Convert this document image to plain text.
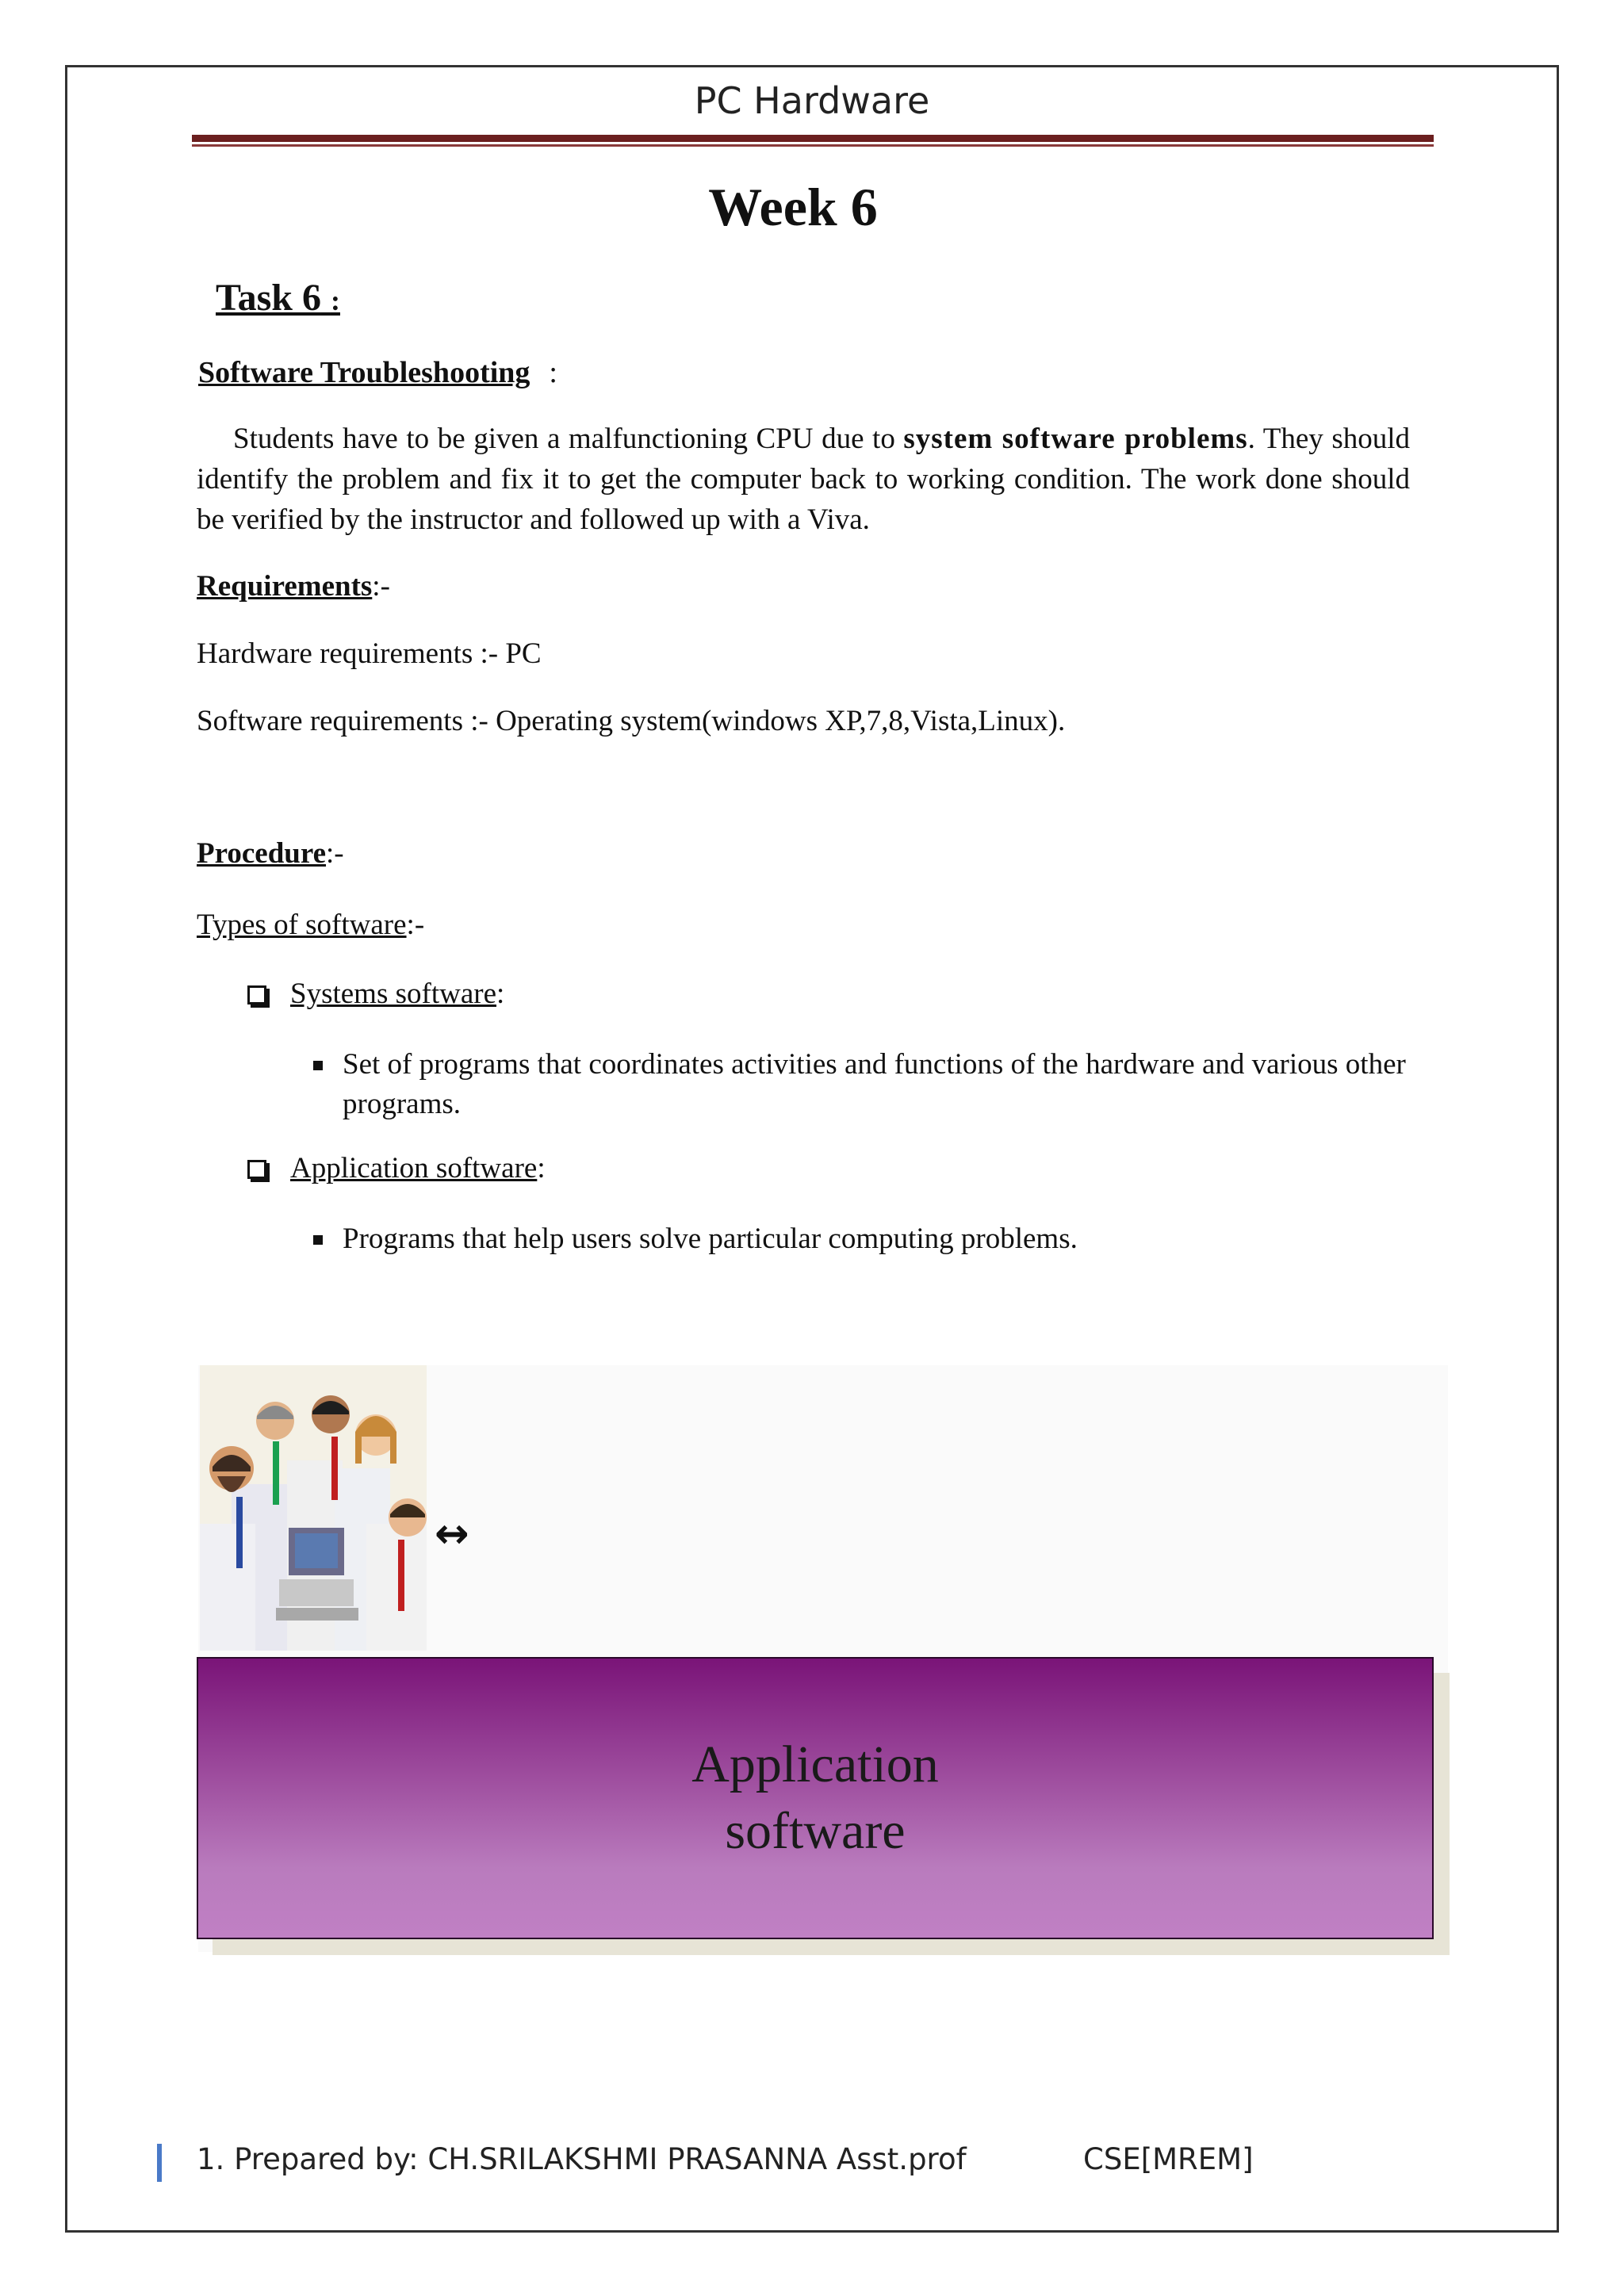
PC Hardware
Week 6
Task 6 :
Software Troubleshooting :
Students have to be given a malfunctioning CPU due to system software problems. They should identify the problem and fix it to get the computer back to working condition. The work done should be verified by the instructor and followed up with a Viva.
Requirements:-
Hardware requirements :- PC
Software requirements :- Operating system(windows XP,7,8,Vista,Linux).
Procedure:-
Types of software:-
Systems software:
Set of programs that coordinates activities and functions of the hardware and various other programs.
Application software:
Programs that help users solve particular computing problems.
↔
Application software
1. Prepared by: CH.SRILAKSHMI PRASANNA Asst.prof	CSE[MREM]
